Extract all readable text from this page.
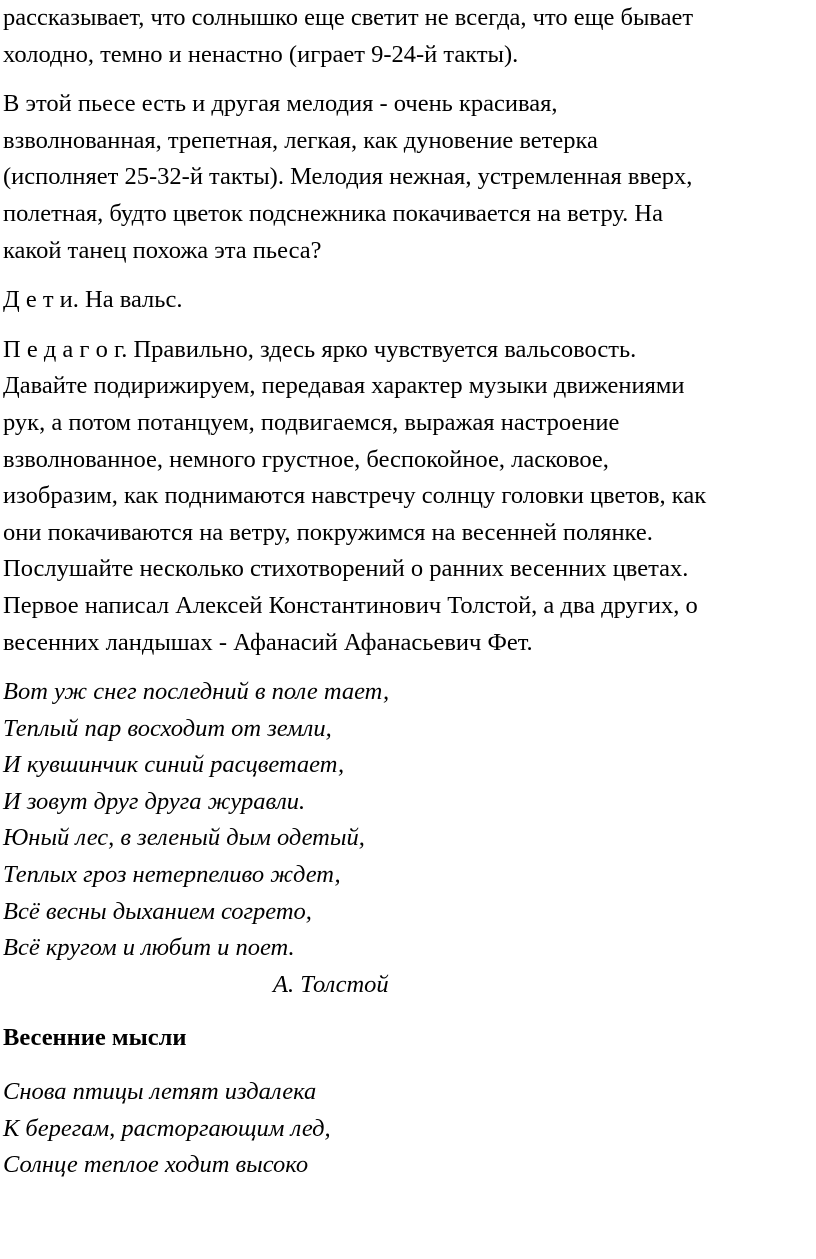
рассказывает, что солнышко еще светит не всегда, что еще бывает
холодно, темно и ненастно (играет 9-24-й такты).

В этой пьесе есть и другая мелодия - очень красивая,
взволнованная, трепетная, легкая, как дуновение ветерка
(исполняет 25-32-й такты). Мелодия нежная, устремленная вверх,
полетная, будто цветок подснежника покачивается на ветру. На
какой танец похожа эта пьеса?

Д е т и. На вальс.

П е д а г о г. Правильно, здесь ярко чувствуется вальсовость.
Давайте подирижируем, передавая характер музыки движениями
рук, а потом потанцуем, подвигаемся, выражая настроение
взволнованное, немного грустное, беспокойное, ласковое,
изобразим, как поднимаются навстречу солнцу головки цветов, как
они покачиваются на ветру, покружимся на весенней полянке.
Послушайте несколько стихотворений о ранних весенних цветах.
Первое написал Алексей Константинович Толстой, а два других, о
весенних ландышах - Афанасий Афанасьевич Фет.

Вот уж снег последний в поле тает,
Теплый пар восходит от земли,
И кувшинчик синий расцветает,
И зовут друг друга журавли.
Юный лес, в зеленый дым одетый,
Теплых гроз нетерпеливо ждет,
Всё весны дыханием согрето,
Всё кругом и любит и поет.
А. Толстой

Весенние мысли

Снова птицы летят издалека
К берегам, расторгающим лед,
Солнце теплое ходит высоко
